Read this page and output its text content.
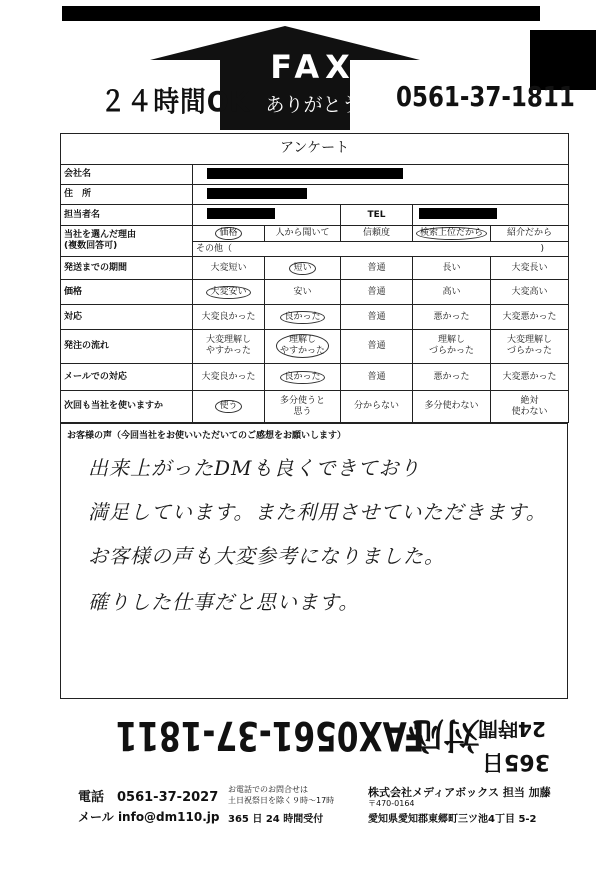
FAX
ありがとう
２４時間OK	0561-37-1811
アンケート					
会社名					

住　所					

担当者名			TEL		

当社を選んだ理由
(複数回答可)	価格	人から聞いて	信頼度	検索上位だから	紹介だから
	その他（ )				

発送までの期間	大変短い	短い	普通	長い	大変長い
価格	大変安い	安い	普通	高い	大変高い
対応	大変良かった	良かった	普通	悪かった	大変悪かった
発注の流れ	大変理解し
やすかった	理解し
やすかった	普通	理解し
づらかった	大変理解し
づらかった
メールでの対応	大変良かった	良かった	普通	悪かった	大変悪かった
次回も当社を使いますか	使う	多分使うと
思う	分からない	多分使わない	絶対
使わない
お客様の声（今回当社をお使いいただいてのご感想をお願いします）
出来上がったDMも良くできており
満足しています。また利用させていただきます。
お客様の声も大変参考になりました。
確りした仕事だと思います。
FAX0561-37-1811
対応
365日
24時間
電話　0561-37-2027
お電話でのお問合せは
土日祝祭日を除く９時〜17時
株式会社メディアボックス 担当 加藤
〒470-0164
メール info@dm110.jp 365 日 24 時間受付	愛知県愛知郡東郷町三ツ池4丁目 5-2
